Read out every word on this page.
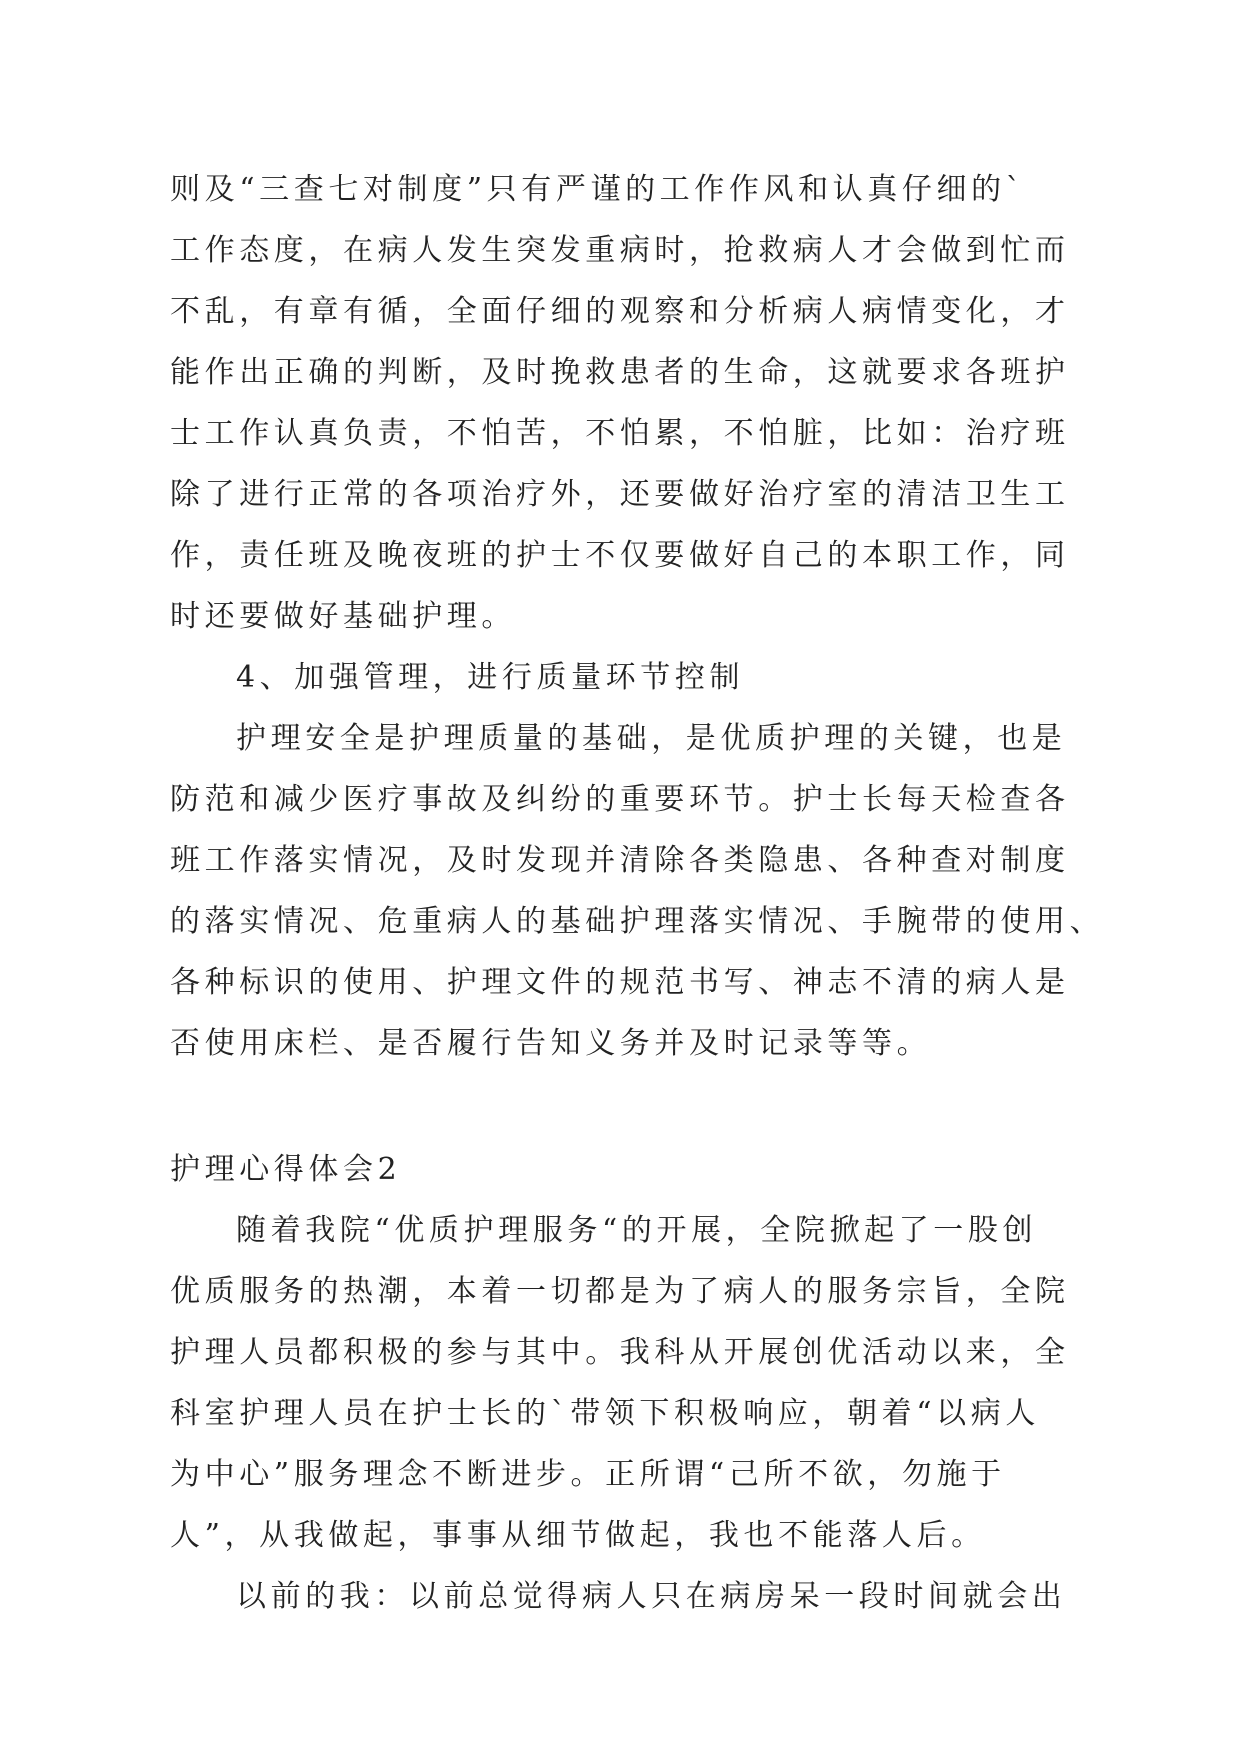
则及“三查七对制度”只有严谨的工作作风和认真仔细的`
工作态度，在病人发生突发重病时，抢救病人才会做到忙而
不乱，有章有循，全面仔细的观察和分析病人病情变化，才
能作出正确的判断，及时挽救患者的生命，这就要求各班护
士工作认真负责，不怕苦，不怕累，不怕脏，比如：治疗班
除了进行正常的各项治疗外，还要做好治疗室的清洁卫生工
作，责任班及晚夜班的护士不仅要做好自己的本职工作，同
时还要做好基础护理。
4、加强管理，进行质量环节控制
护理安全是护理质量的基础，是优质护理的关键，也是
防范和减少医疗事故及纠纷的重要环节。护士长每天检查各
班工作落实情况，及时发现并清除各类隐患、各种查对制度
的落实情况、危重病人的基础护理落实情况、手腕带的使用、
各种标识的使用、护理文件的规范书写、神志不清的病人是
否使用床栏、是否履行告知义务并及时记录等等。
护理心得体会2
随着我院“优质护理服务“的开展，全院掀起了一股创
优质服务的热潮，本着一切都是为了病人的服务宗旨，全院
护理人员都积极的参与其中。我科从开展创优活动以来，全
科室护理人员在护士长的`带领下积极响应，朝着“以病人
为中心”服务理念不断进步。正所谓“己所不欲，勿施于
人”，从我做起，事事从细节做起，我也不能落人后。
以前的我：以前总觉得病人只在病房呆一段时间就会出
